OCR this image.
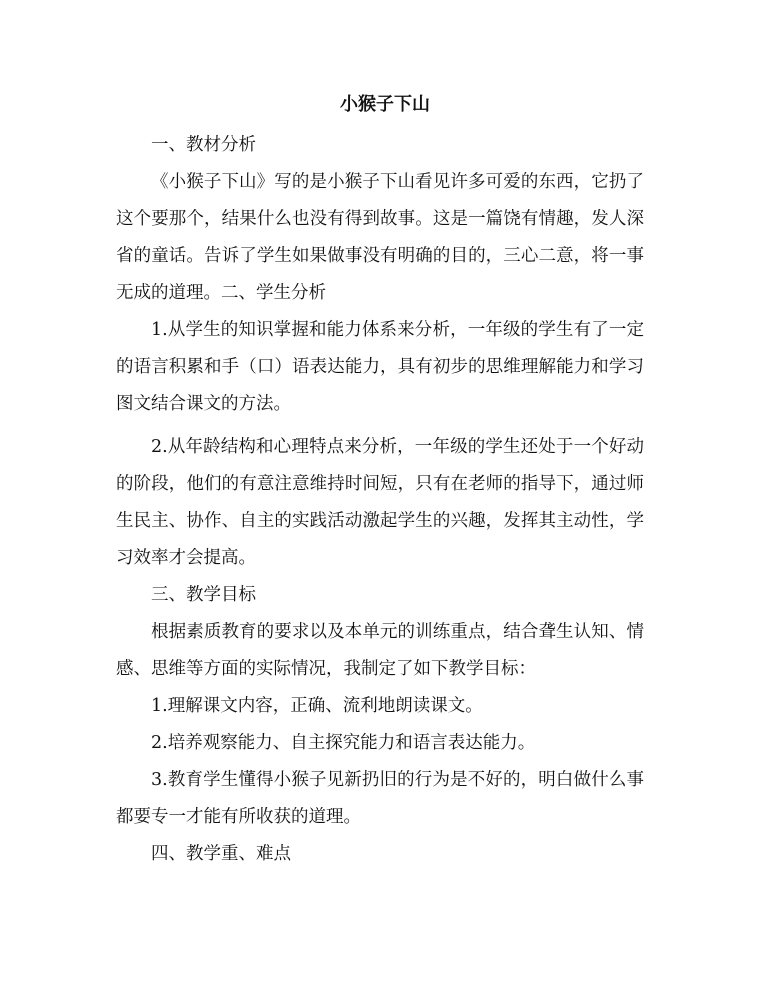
小猴子下山

一、教材分析

《小猴子下山》写的是小猴子下山看见许多可爱的东西，它扔了这个要那个，结果什么也没有得到故事。这是一篇饶有情趣，发人深省的童话。告诉了学生如果做事没有明确的目的，三心二意，将一事无成的道理。二、学生分析

1.从学生的知识掌握和能力体系来分析，一年级的学生有了一定的语言积累和手（口）语表达能力，具有初步的思维理解能力和学习图文结合课文的方法。

2.从年龄结构和心理特点来分析，一年级的学生还处于一个好动的阶段，他们的有意注意维持时间短，只有在老师的指导下，通过师生民主、协作、自主的实践活动激起学生的兴趣，发挥其主动性，学习效率才会提高。

三、教学目标

根据素质教育的要求以及本单元的训练重点，结合聋生认知、情感、思维等方面的实际情况，我制定了如下教学目标：

1.理解课文内容，正确、流利地朗读课文。

2.培养观察能力、自主探究能力和语言表达能力。

3.教育学生懂得小猴子见新扔旧的行为是不好的，明白做什么事都要专一才能有所收获的道理。

四、教学重、难点
